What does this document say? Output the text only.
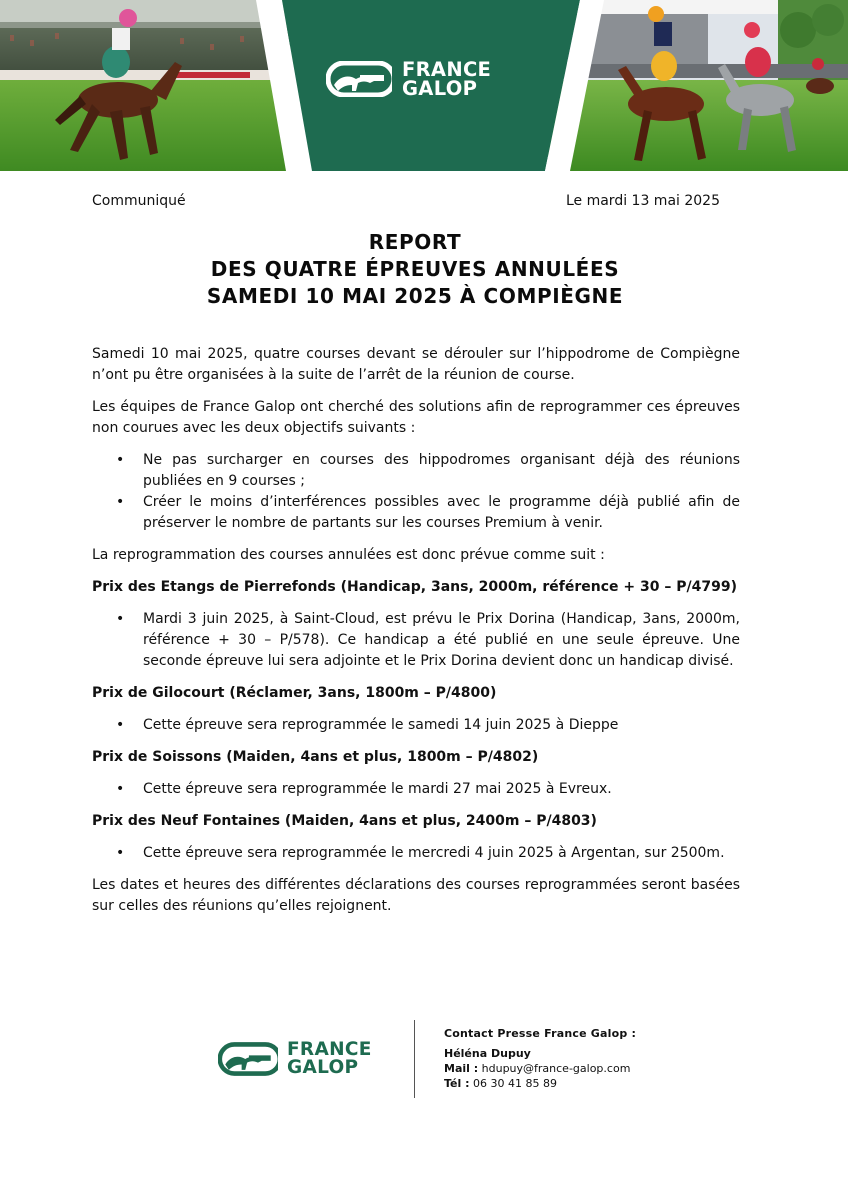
FRANCE
GALOP
Communiqué	Le mardi 13 mai 2025
REPORT
DES QUATRE ÉPREUVES ANNULÉES
SAMEDI 10 MAI 2025 À COMPIÈGNE

Samedi 10 mai 2025, quatre courses devant se dérouler sur l’hippodrome de Compiègne n’ont pu être organisées à la suite de l’arrêt de la réunion de course.

Les équipes de France Galop ont cherché des solutions afin de reprogrammer ces épreuves non courues avec les deux objectifs suivants :

• Ne pas surcharger en courses des hippodromes organisant déjà des réunions publiées en 9 courses ;
• Créer le moins d’interférences possibles avec le programme déjà publié afin de préserver le nombre de partants sur les courses Premium à venir.

La reprogrammation des courses annulées est donc prévue comme suit :

Prix des Etangs de Pierrefonds (Handicap, 3ans, 2000m, référence + 30 – P/4799)
• Mardi 3 juin 2025, à Saint-Cloud, est prévu le Prix Dorina (Handicap, 3ans, 2000m, référence + 30 – P/578). Ce handicap a été publié en une seule épreuve. Une seconde épreuve lui sera adjointe et le Prix Dorina devient donc un handicap divisé.
Prix de Gilocourt (Réclamer, 3ans, 1800m – P/4800)
• Cette épreuve sera reprogrammée le samedi 14 juin 2025 à Dieppe
Prix de Soissons (Maiden, 4ans et plus, 1800m – P/4802)
• Cette épreuve sera reprogrammée le mardi 27 mai 2025 à Evreux.
Prix des Neuf Fontaines (Maiden, 4ans et plus, 2400m – P/4803)
• Cette épreuve sera reprogrammée le mercredi 4 juin 2025 à Argentan, sur 2500m.

Les dates et heures des différentes déclarations des courses reprogrammées seront basées sur celles des réunions qu’elles rejoignent.

FRANCE
GALOP
Contact Presse France Galop :
Héléna Dupuy
Mail : hdupuy@france-galop.com
Tél : 06 30 41 85 89
